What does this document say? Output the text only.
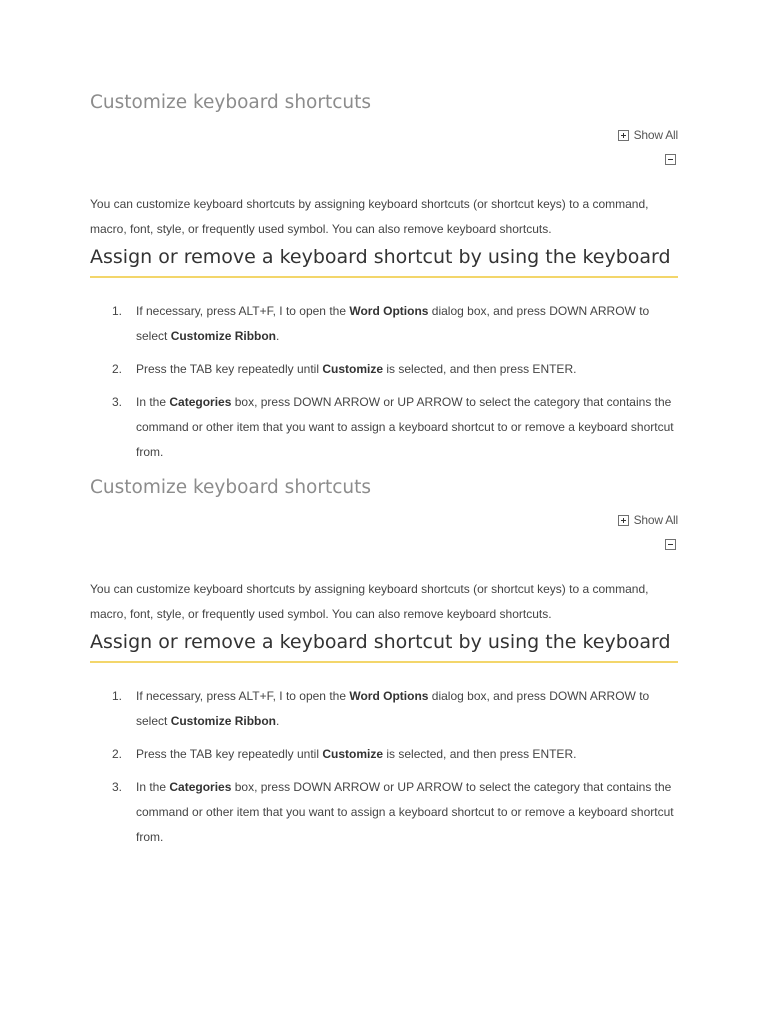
Customize keyboard shortcuts
Show All

You can customize keyboard shortcuts by assigning keyboard shortcuts (or shortcut keys) to a command, macro, font, style, or frequently used symbol. You can also remove keyboard shortcuts.

Assign or remove a keyboard shortcut by using the keyboard
1. If necessary, press ALT+F, I to open the Word Options dialog box, and press DOWN ARROW to select Customize Ribbon.
2. Press the TAB key repeatedly until Customize is selected, and then press ENTER.
3. In the Categories box, press DOWN ARROW or UP ARROW to select the category that contains the command or other item that you want to assign a keyboard shortcut to or remove a keyboard shortcut from.
Customize keyboard shortcuts
Show All

You can customize keyboard shortcuts by assigning keyboard shortcuts (or shortcut keys) to a command, macro, font, style, or frequently used symbol. You can also remove keyboard shortcuts.

Assign or remove a keyboard shortcut by using the keyboard
1. If necessary, press ALT+F, I to open the Word Options dialog box, and press DOWN ARROW to select Customize Ribbon.
2. Press the TAB key repeatedly until Customize is selected, and then press ENTER.
3. In the Categories box, press DOWN ARROW or UP ARROW to select the category that contains the command or other item that you want to assign a keyboard shortcut to or remove a keyboard shortcut from.
